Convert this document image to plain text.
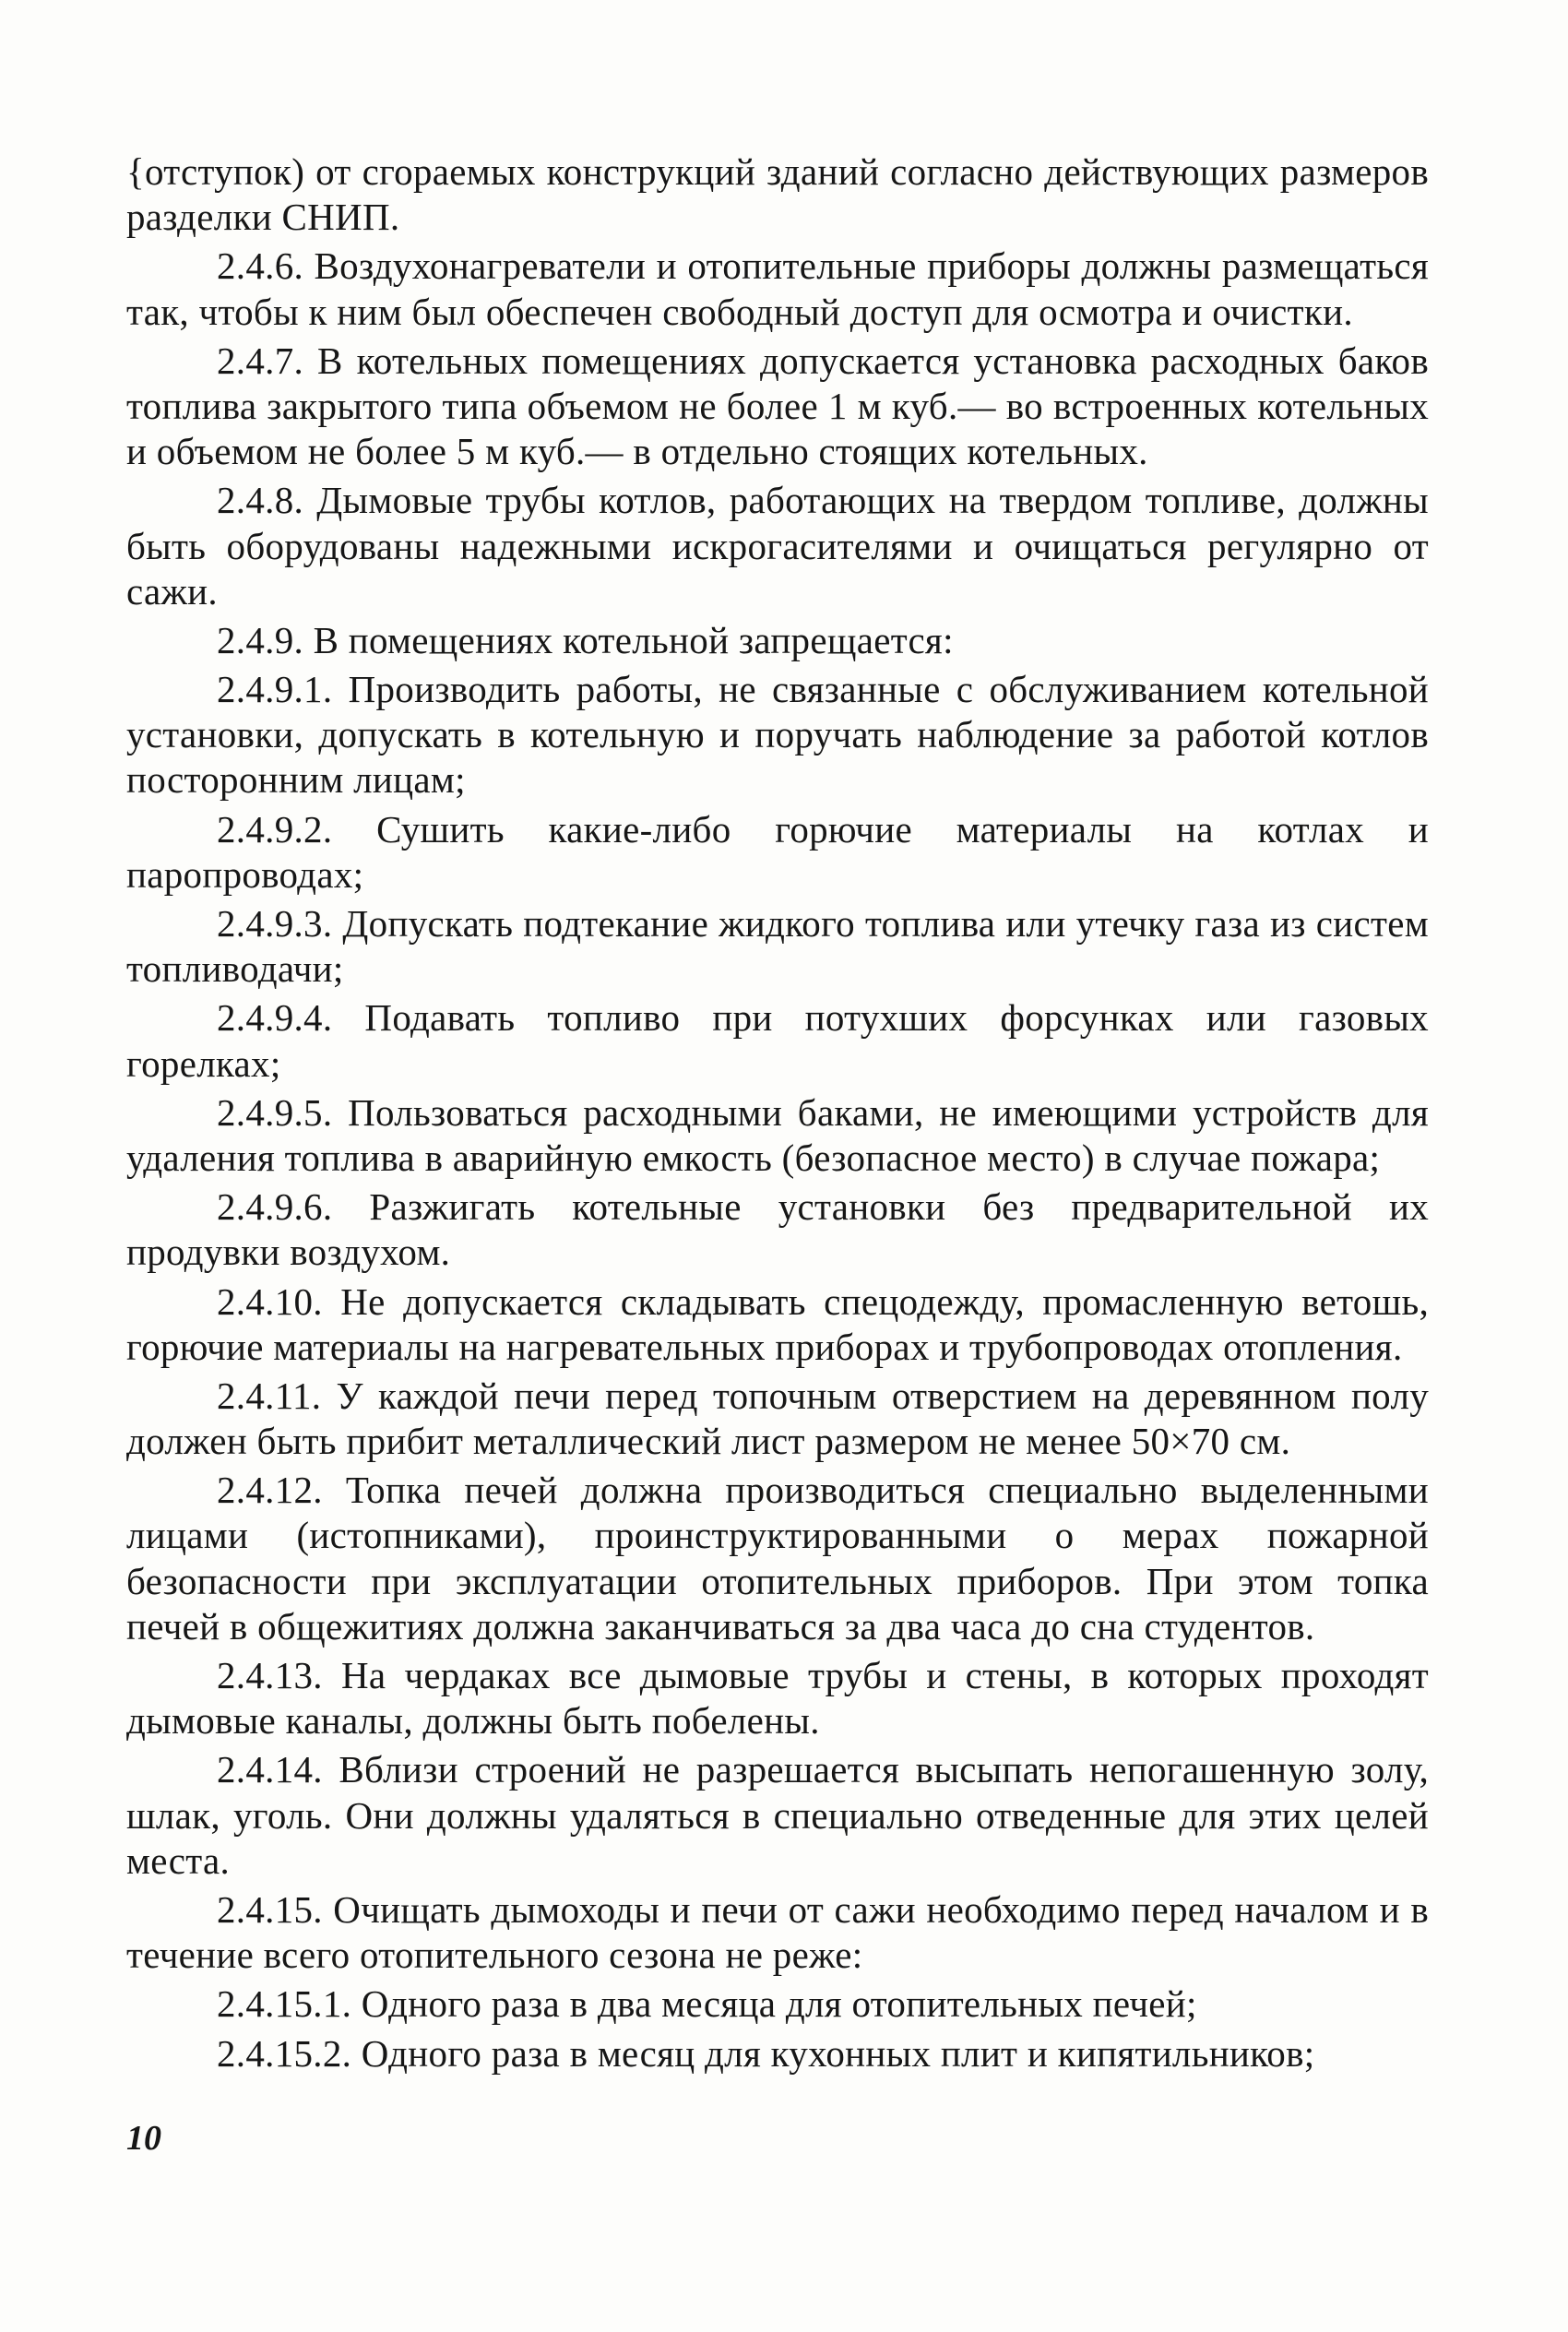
{отступок) от сгораемых конструкций зданий согласно действующих размеров разделки СНИП.

2.4.6. Воздухонагреватели и отопительные приборы должны размещаться так, чтобы к ним был обеспечен свободный доступ для осмотра и очистки.

2.4.7. В котельных помещениях допускается установка расходных баков топлива закрытого типа объемом не более 1 м куб.— во встроенных котельных и объемом не более 5 м куб.— в отдельно стоящих котельных.

2.4.8. Дымовые трубы котлов, работающих на твердом топливе, должны быть оборудованы надежными искрогасителями и очищаться регулярно от сажи.

2.4.9. В помещениях котельной запрещается:

2.4.9.1. Производить работы, не связанные с обслуживанием котельной установки, допускать в котельную и поручать наблюдение за работой котлов посторонним лицам;

2.4.9.2. Сушить какие-либо горючие материалы на котлах и паропроводах;

2.4.9.3. Допускать подтекание жидкого топлива или утечку газа из систем топливодачи;

2.4.9.4. Подавать топливо при потухших форсунках или газовых горелках;

2.4.9.5. Пользоваться расходными баками, не имеющими устройств для удаления топлива в аварийную емкость (безопасное место) в случае пожара;

2.4.9.6. Разжигать котельные установки без предварительной их продувки воздухом.

2.4.10. Не допускается складывать спецодежду, промасленную ветошь, горючие материалы на нагревательных приборах и трубопроводах отопления.

2.4.11. У каждой печи перед топочным отверстием на деревянном полу должен быть прибит металлический лист размером не менее 50×70 см.

2.4.12. Топка печей должна производиться специально выделенными лицами (истопниками), проинструктированными о мерах пожарной безопасности при эксплуатации отопительных приборов. При этом топка печей в общежитиях должна заканчиваться за два часа до сна студентов.

2.4.13. На чердаках все дымовые трубы и стены, в которых проходят дымовые каналы, должны быть побелены.

2.4.14. Вблизи строений не разрешается высыпать непогашенную золу, шлак, уголь. Они должны удаляться в специально отведенные для этих целей места.

2.4.15. Очищать дымоходы и печи от сажи необходимо перед началом и в течение всего отопительного сезона не реже:

2.4.15.1. Одного раза в два месяца для отопительных печей;

2.4.15.2. Одного раза в месяц для кухонных плит и кипятильников;

10
